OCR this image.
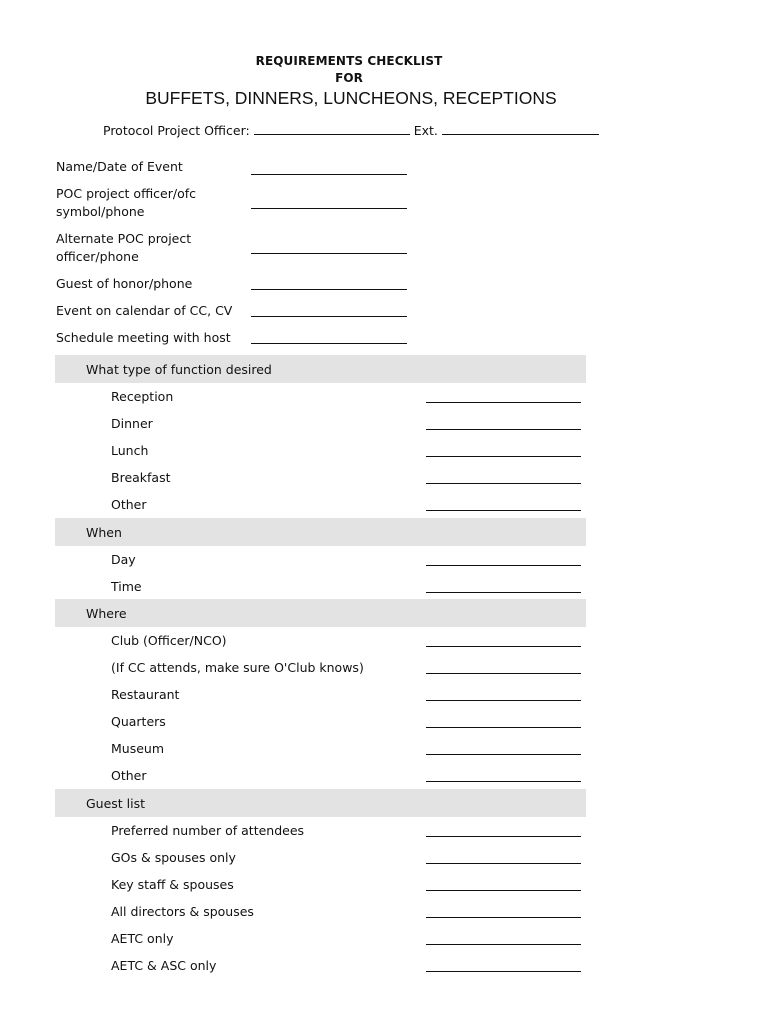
REQUIREMENTS CHECKLIST
FOR
BUFFETS, DINNERS, LUNCHEONS, RECEPTIONS
Protocol Project Officer:	Ext.
Name/Date of Event
POC project officer/ofc symbol/phone
Alternate POC project officer/phone
Guest of honor/phone
Event on calendar of CC, CV
Schedule meeting with host
What type of function desired
Reception
Dinner
Lunch
Breakfast
Other
When
Day
Time
Where
Club (Officer/NCO)
(If CC attends, make sure O'Club knows)
Restaurant
Quarters
Museum
Other
Guest list
Preferred number of attendees
GOs & spouses only
Key staff & spouses
All directors & spouses
AETC only
AETC & ASC only
